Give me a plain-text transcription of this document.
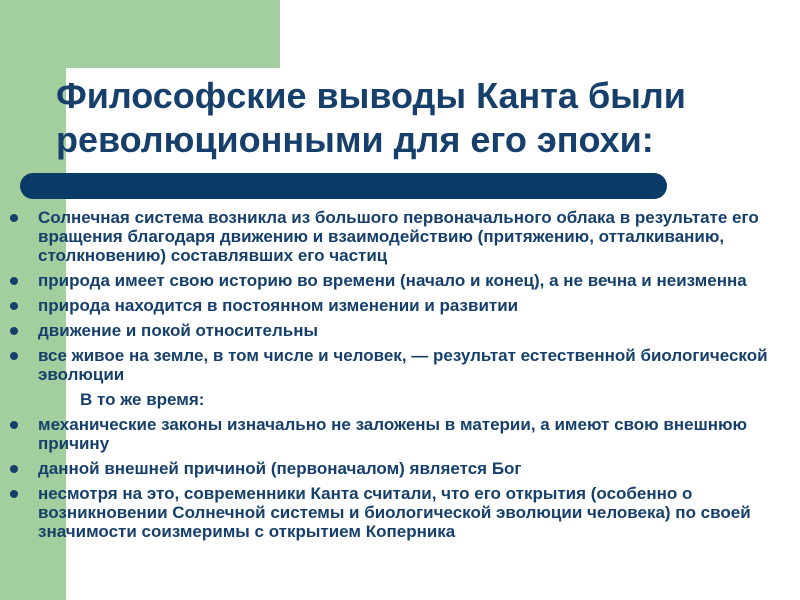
Философские выводы Канта были
революционными для его эпохи:
Солнечная система возникла из большого первоначального облака в результате его вращения благодаря движению и взаимодействию (притяжению, отталкиванию, столкновению) составлявших его частиц
природа имеет свою историю во времени (начало и конец), а не вечна и неизменна
природа находится в постоянном изменении и развитии
движение и покой относительны
все живое на земле, в том числе и человек, — результат естественной биологической эволюции
В то же время:
механические законы изначально не заложены в материи, а имеют свою внешнюю причину
данной внешней причиной (первоначалом) является Бог
несмотря на это, современники Канта считали, что его открытия (особенно о возникновении Солнечной системы и биологической эволюции человека) по своей значимости соизмеримы с открытием Коперника
